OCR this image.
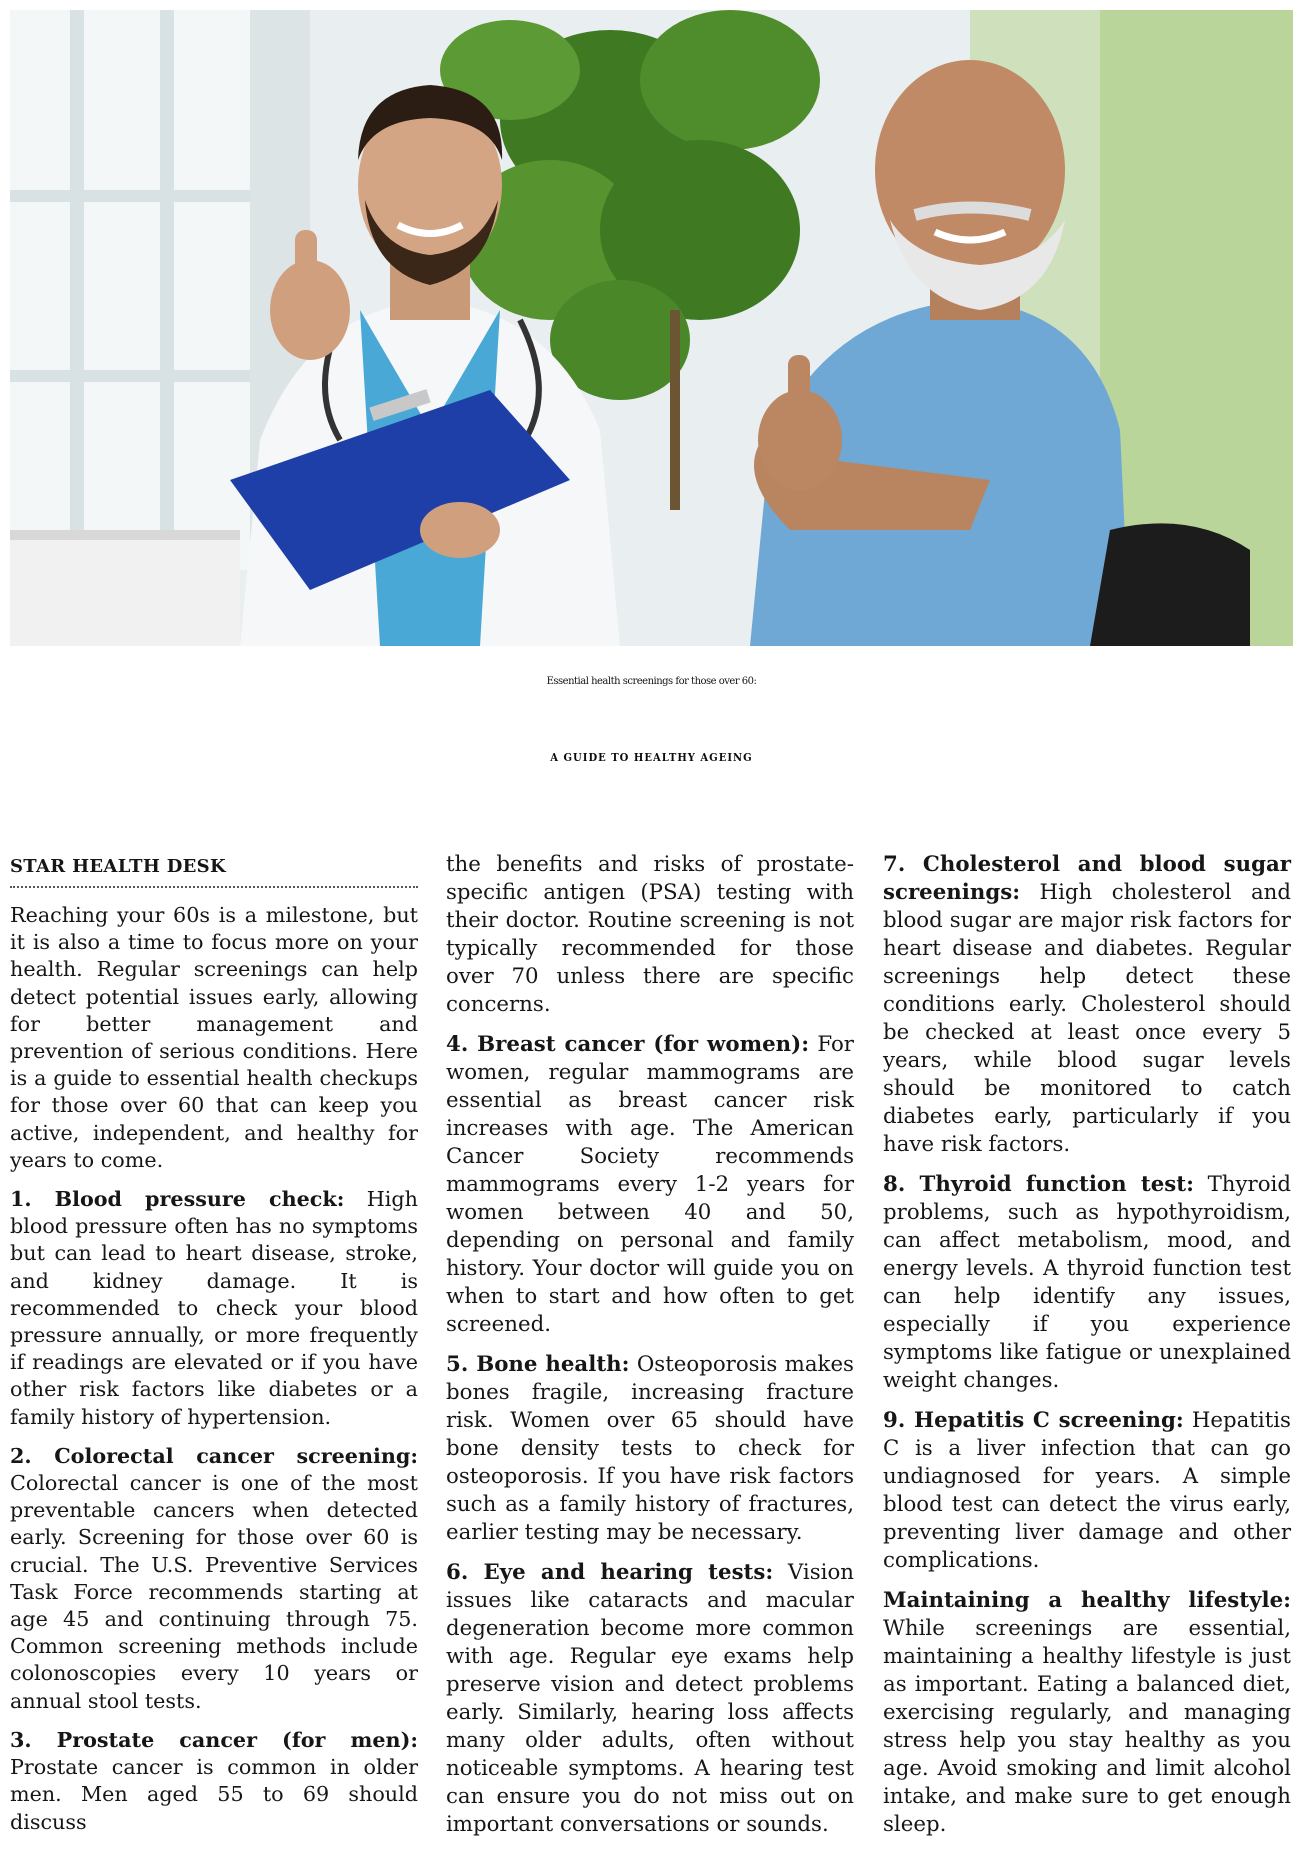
Essential health screenings for those over 60:
A GUIDE TO HEALTHY AGEING
STAR HEALTH DESK

Reaching your 60s is a milestone, but it is also a time to focus more on your health. Regular screenings can help detect potential issues early, allowing for better management and prevention of serious conditions. Here is a guide to essential health checkups for those over 60 that can keep you active, independent, and healthy for years to come.

1. Blood pressure check: High blood pressure often has no symptoms but can lead to heart disease, stroke, and kidney damage. It is recommended to check your blood pressure annually, or more frequently if readings are elevated or if you have other risk factors like diabetes or a family history of hypertension.

2. Colorectal cancer screening: Colorectal cancer is one of the most preventable cancers when detected early. Screening for those over 60 is crucial. The U.S. Preventive Services Task Force recommends starting at age 45 and continuing through 75. Common screening methods include colonoscopies every 10 years or annual stool tests.

3. Prostate cancer (for men): Prostate cancer is common in older men. Men aged 55 to 69 should discuss

the benefits and risks of prostate-specific antigen (PSA) testing with their doctor. Routine screening is not typically recommended for those over 70 unless there are specific concerns.

4. Breast cancer (for women): For women, regular mammograms are essential as breast cancer risk increases with age. The American Cancer Society recommends mammograms every 1-2 years for women between 40 and 50, depending on personal and family history. Your doctor will guide you on when to start and how often to get screened.

5. Bone health: Osteoporosis makes bones fragile, increasing fracture risk. Women over 65 should have bone density tests to check for osteoporosis. If you have risk factors such as a family history of fractures, earlier testing may be necessary.

6. Eye and hearing tests: Vision issues like cataracts and macular degeneration become more common with age. Regular eye exams help preserve vision and detect problems early. Similarly, hearing loss affects many older adults, often without noticeable symptoms. A hearing test can ensure you do not miss out on important conversations or sounds.

7. Cholesterol and blood sugar screenings: High cholesterol and blood sugar are major risk factors for heart disease and diabetes. Regular screenings help detect these conditions early. Cholesterol should be checked at least once every 5 years, while blood sugar levels should be monitored to catch diabetes early, particularly if you have risk factors.

8. Thyroid function test: Thyroid problems, such as hypothyroidism, can affect metabolism, mood, and energy levels. A thyroid function test can help identify any issues, especially if you experience symptoms like fatigue or unexplained weight changes.

9. Hepatitis C screening: Hepatitis C is a liver infection that can go undiagnosed for years. A simple blood test can detect the virus early, preventing liver damage and other complications.

Maintaining a healthy lifestyle: While screenings are essential, maintaining a healthy lifestyle is just as important. Eating a balanced diet, exercising regularly, and managing stress help you stay healthy as you age. Avoid smoking and limit alcohol intake, and make sure to get enough sleep.
